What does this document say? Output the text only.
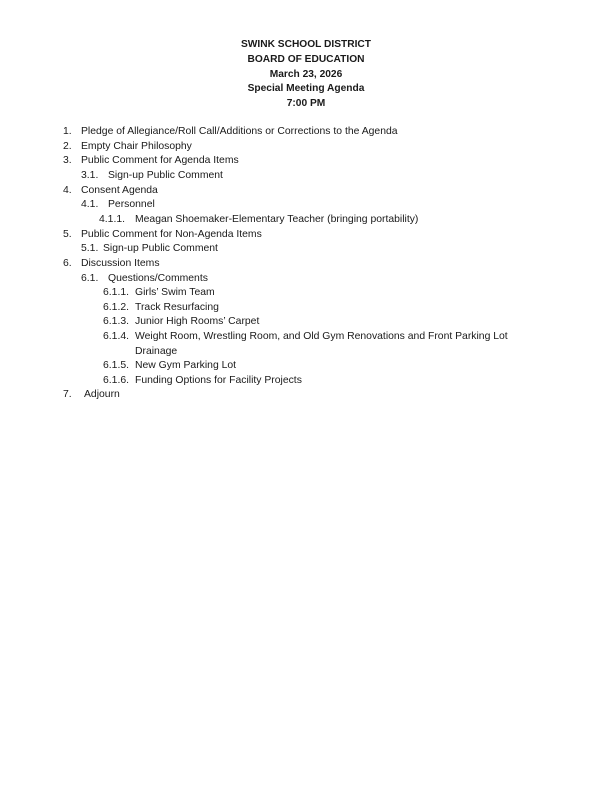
SWINK SCHOOL DISTRICT
BOARD OF EDUCATION
March 23, 2026
Special Meeting Agenda
7:00 PM
1. Pledge of Allegiance/Roll Call/Additions or Corrections to the Agenda
2. Empty Chair Philosophy
3. Public Comment for Agenda Items
3.1. Sign-up Public Comment
4. Consent Agenda
4.1. Personnel
4.1.1. Meagan Shoemaker-Elementary Teacher (bringing portability)
5. Public Comment for Non-Agenda Items
5.1. Sign-up Public Comment
6. Discussion Items
6.1. Questions/Comments
6.1.1. Girls’ Swim Team
6.1.2. Track Resurfacing
6.1.3. Junior High Rooms’ Carpet
6.1.4. Weight Room, Wrestling Room, and Old Gym Renovations and Front Parking Lot
Drainage
6.1.5. New Gym Parking Lot
6.1.6. Funding Options for Facility Projects
7. Adjourn
